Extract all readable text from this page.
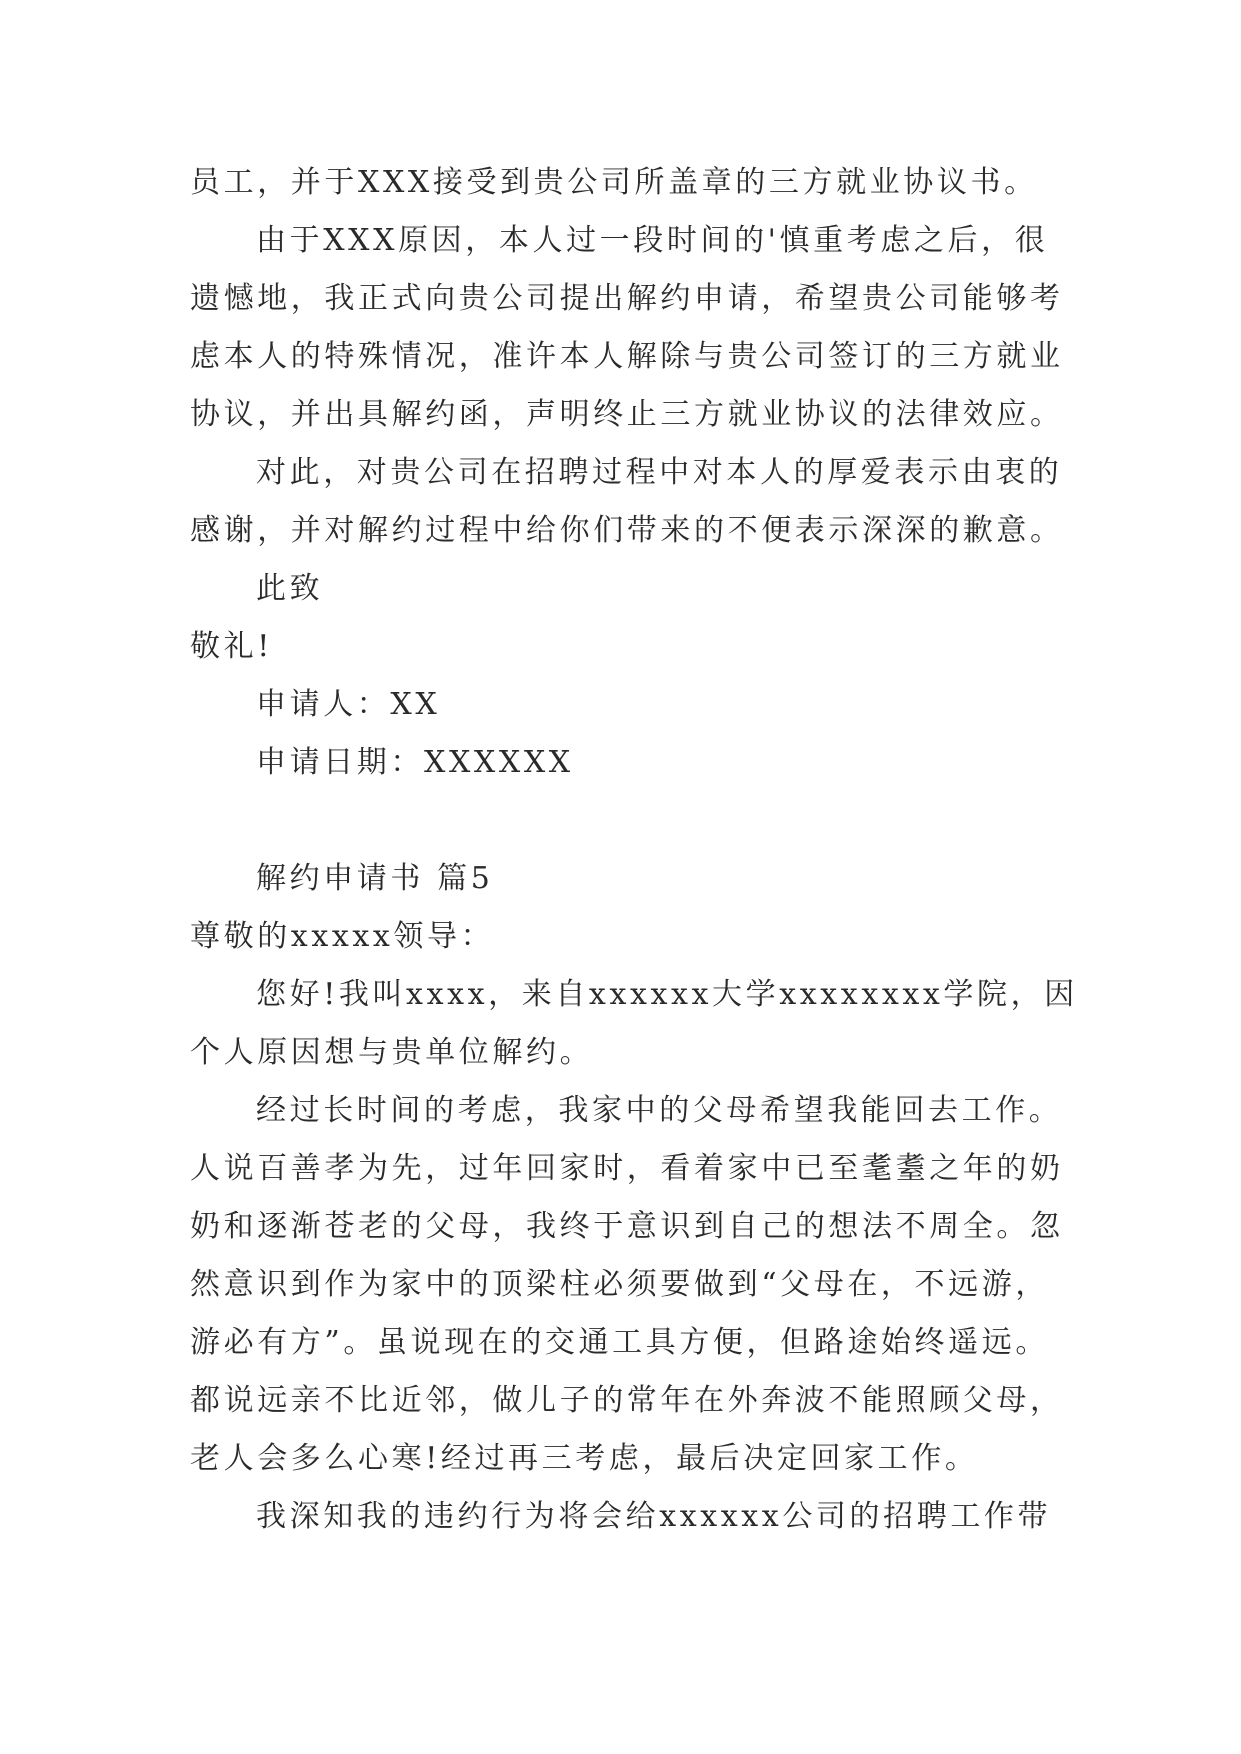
员工，并于XXX接受到贵公司所盖章的三方就业协议书。
由于XXX原因，本人过一段时间的'慎重考虑之后，很
遗憾地，我正式向贵公司提出解约申请，希望贵公司能够考
虑本人的特殊情况，准许本人解除与贵公司签订的三方就业
协议，并出具解约函，声明终止三方就业协议的法律效应。
对此，对贵公司在招聘过程中对本人的厚爱表示由衷的
感谢，并对解约过程中给你们带来的不便表示深深的歉意。
此致
敬礼!
申请人：XX
申请日期：XXXXXX
解约申请书 篇5
尊敬的xxxxx领导：
您好!我叫xxxx，来自xxxxxx大学xxxxxxxx学院，因
个人原因想与贵单位解约。
经过长时间的考虑，我家中的父母希望我能回去工作。
人说百善孝为先，过年回家时，看着家中已至耄耋之年的奶
奶和逐渐苍老的父母，我终于意识到自己的想法不周全。忽
然意识到作为家中的顶梁柱必须要做到“父母在，不远游，
游必有方”。虽说现在的交通工具方便，但路途始终遥远。
都说远亲不比近邻，做儿子的常年在外奔波不能照顾父母，
老人会多么心寒!经过再三考虑，最后决定回家工作。
我深知我的违约行为将会给xxxxxx公司的招聘工作带
